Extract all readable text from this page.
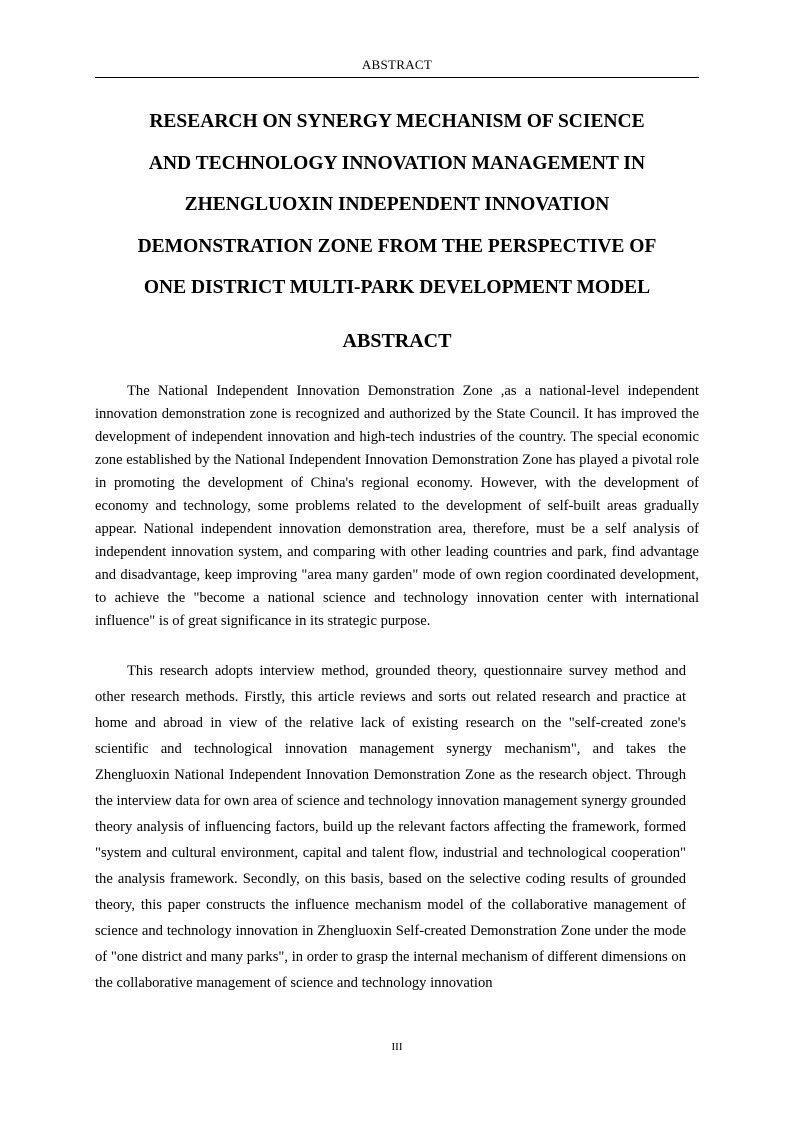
ABSTRACT
RESEARCH ON SYNERGY MECHANISM OF SCIENCE
AND TECHNOLOGY INNOVATION MANAGEMENT IN
ZHENGLUOXIN INDEPENDENT INNOVATION
DEMONSTRATION ZONE FROM THE PERSPECTIVE OF
ONE DISTRICT MULTI-PARK DEVELOPMENT MODEL
ABSTRACT

The National Independent Innovation Demonstration Zone ,as a national-level independent innovation demonstration zone is recognized and authorized by the State Council. It has improved the development of independent innovation and high-tech industries of the country. The special economic zone established by the National Independent Innovation Demonstration Zone has played a pivotal role in promoting the development of China's regional economy. However, with the development of economy and technology, some problems related to the development of self-built areas gradually appear. National independent innovation demonstration area, therefore, must be a self analysis of independent innovation system, and comparing with other leading countries and park, find advantage and disadvantage, keep improving "area many garden" mode of own region coordinated development, to achieve the "become a national science and technology innovation center with international influence" is of great significance in its strategic purpose.

This research adopts interview method, grounded theory, questionnaire survey method and other research methods. Firstly, this article reviews and sorts out related research and practice at home and abroad in view of the relative lack of existing research on the "self-created zone's scientific and technological innovation management synergy mechanism", and takes the Zhengluoxin National Independent Innovation Demonstration Zone as the research object. Through the interview data for own area of science and technology innovation management synergy grounded theory analysis of influencing factors, build up the relevant factors affecting the framework, formed "system and cultural environment, capital and talent flow, industrial and technological cooperation" the analysis framework. Secondly, on this basis, based on the selective coding results of grounded theory, this paper constructs the influence mechanism model of the collaborative management of science and technology innovation in Zhengluoxin Self-created Demonstration Zone under the mode of "one district and many parks", in order to grasp the internal mechanism of different dimensions on the collaborative management of science and technology innovation

III
